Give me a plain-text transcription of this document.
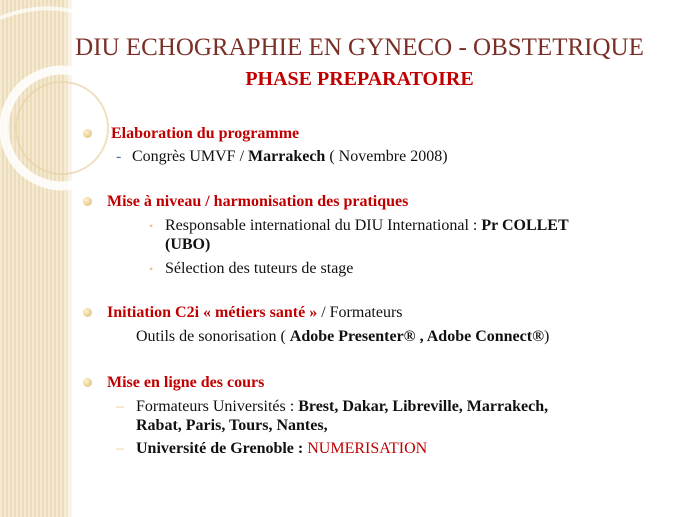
DIU ECHOGRAPHIE EN GYNECO - OBSTETRIQUE
PHASE PREPARATOIRE
Elaboration du programme
- Congrès UMVF / Marrakech ( Novembre 2008)
Mise à niveau / harmonisation des pratiques
• Responsable international du DIU International : Pr COLLET
(UBO)
• Sélection des tuteurs de stage
Initiation C2i « métiers santé » / Formateurs
Outils de sonorisation ( Adobe Presenter® , Adobe Connect®)
Mise en ligne des cours
– Formateurs Universités : Brest, Dakar, Libreville, Marrakech,
Rabat, Paris, Tours, Nantes,
– Université de Grenoble : NUMERISATION
